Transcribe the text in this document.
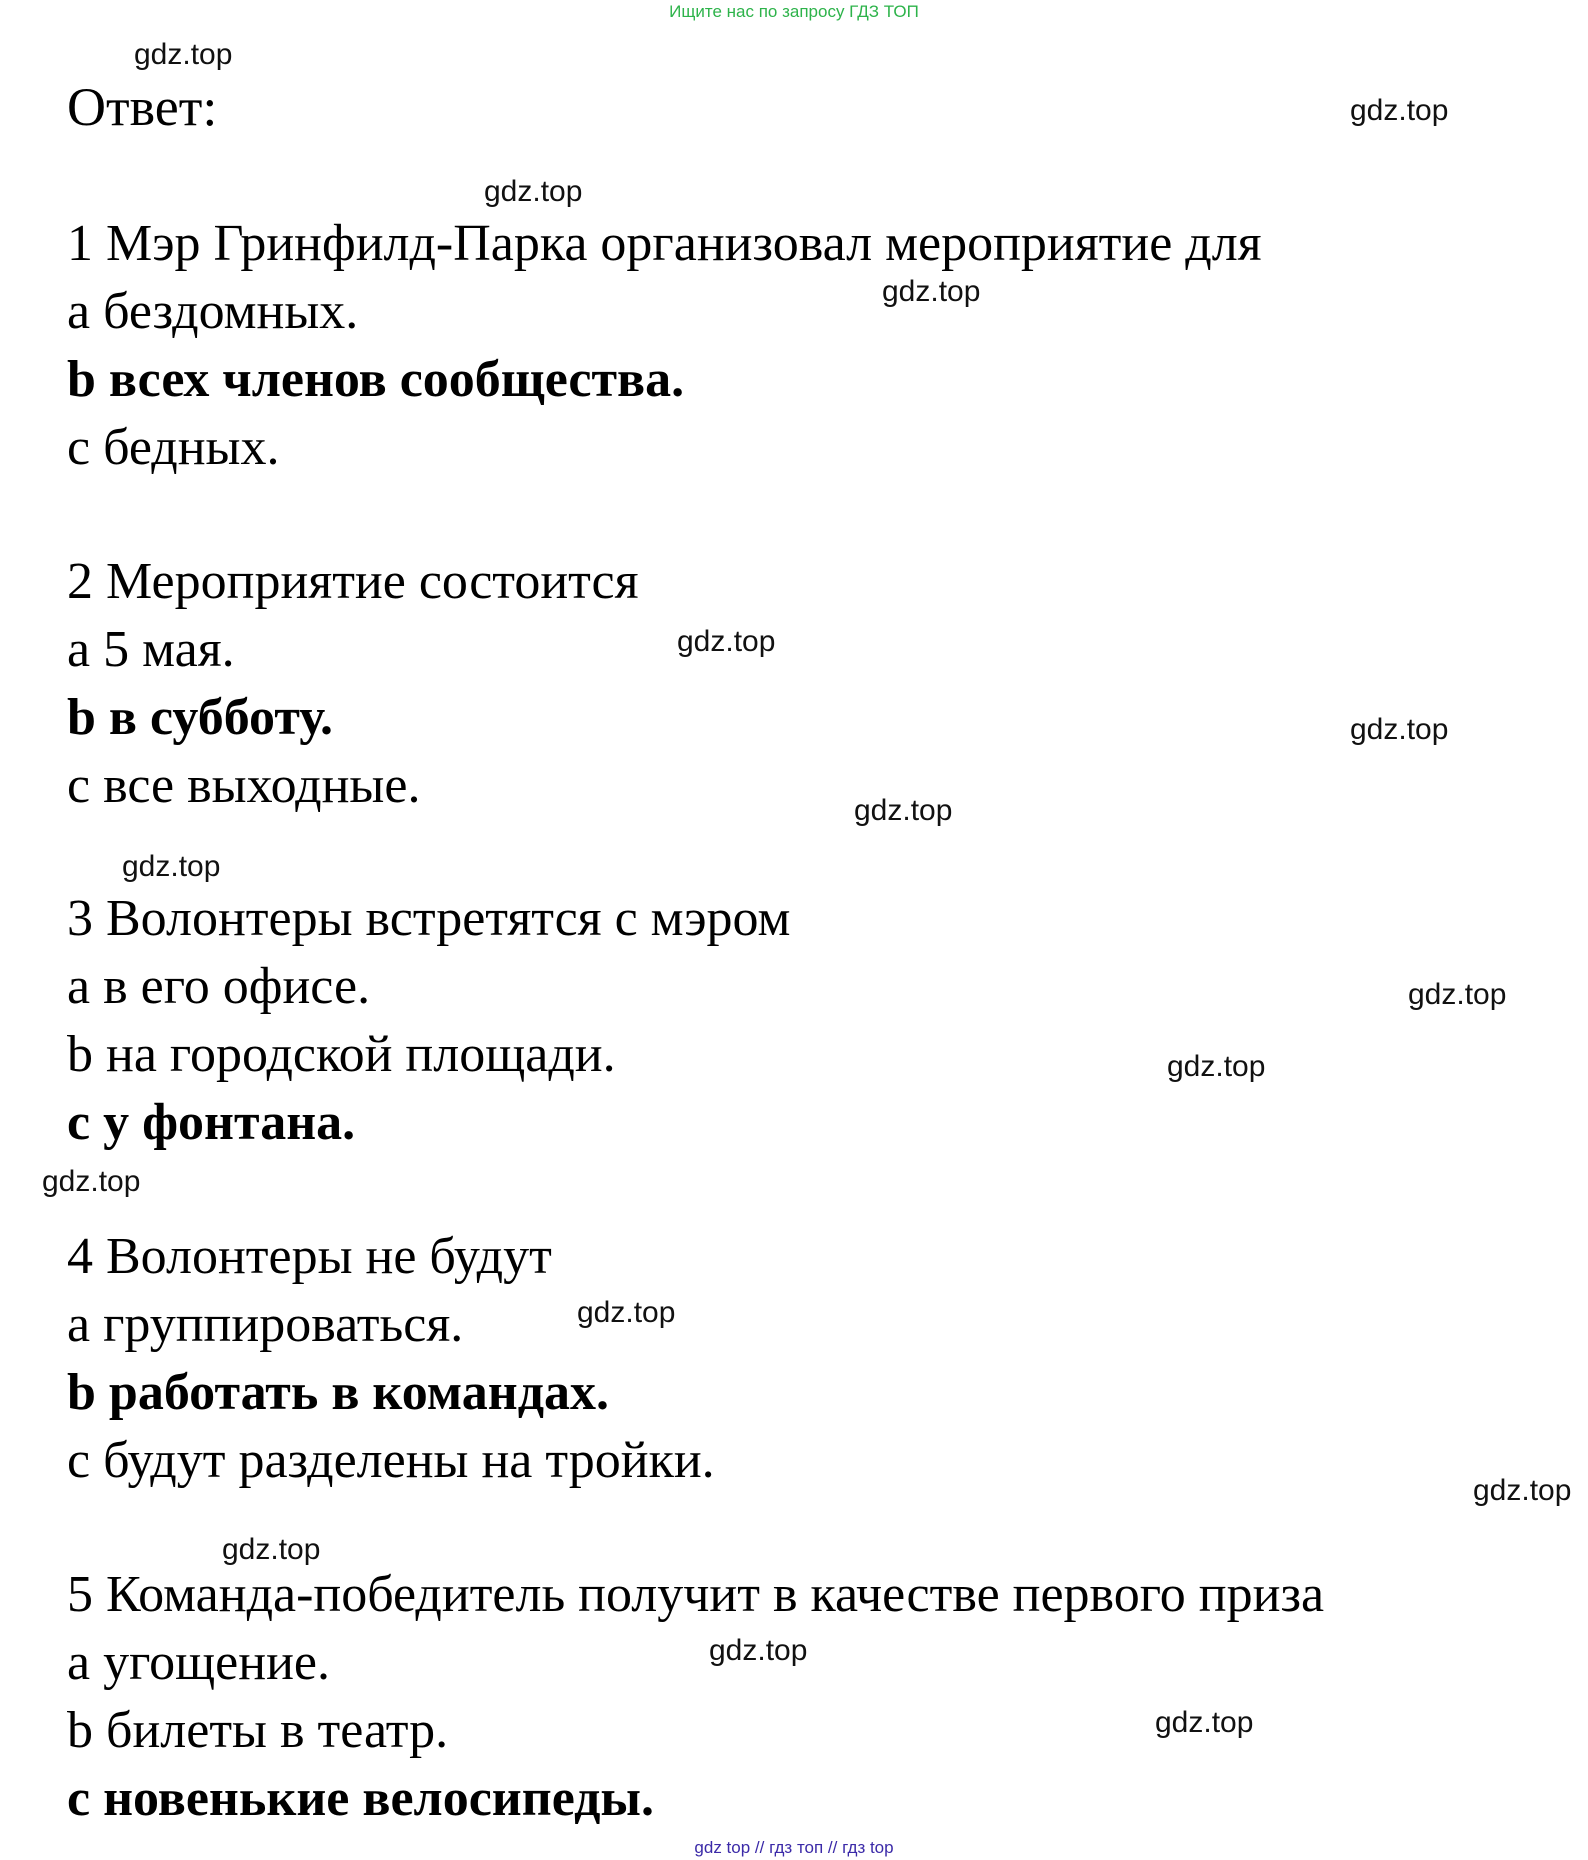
Ищите нас по запросу ГДЗ ТОП
Ответ:
1 Мэр Гринфилд-Парка организовал мероприятие для
a бездомных.
b всех членов сообщества.
c бедных.
2 Мероприятие состоится
a 5 мая.
b в субботу.
c все выходные.
3 Волонтеры встретятся с мэром
a в его офисе.
b на городской площади.
c у фонтана.
4 Волонтеры не будут
a группироваться.
b работать в командах.
c будут разделены на тройки.
5 Команда-победитель получит в качестве первого приза
a угощение.
b билеты в театр.
c новенькие велосипеды.
gdz.top
gdz.top
gdz.top
gdz.top
gdz.top
gdz.top
gdz.top
gdz.top
gdz.top
gdz.top
gdz.top
gdz.top
gdz.top
gdz.top
gdz.top
gdz.top
gdz top // гдз топ // гдз top
